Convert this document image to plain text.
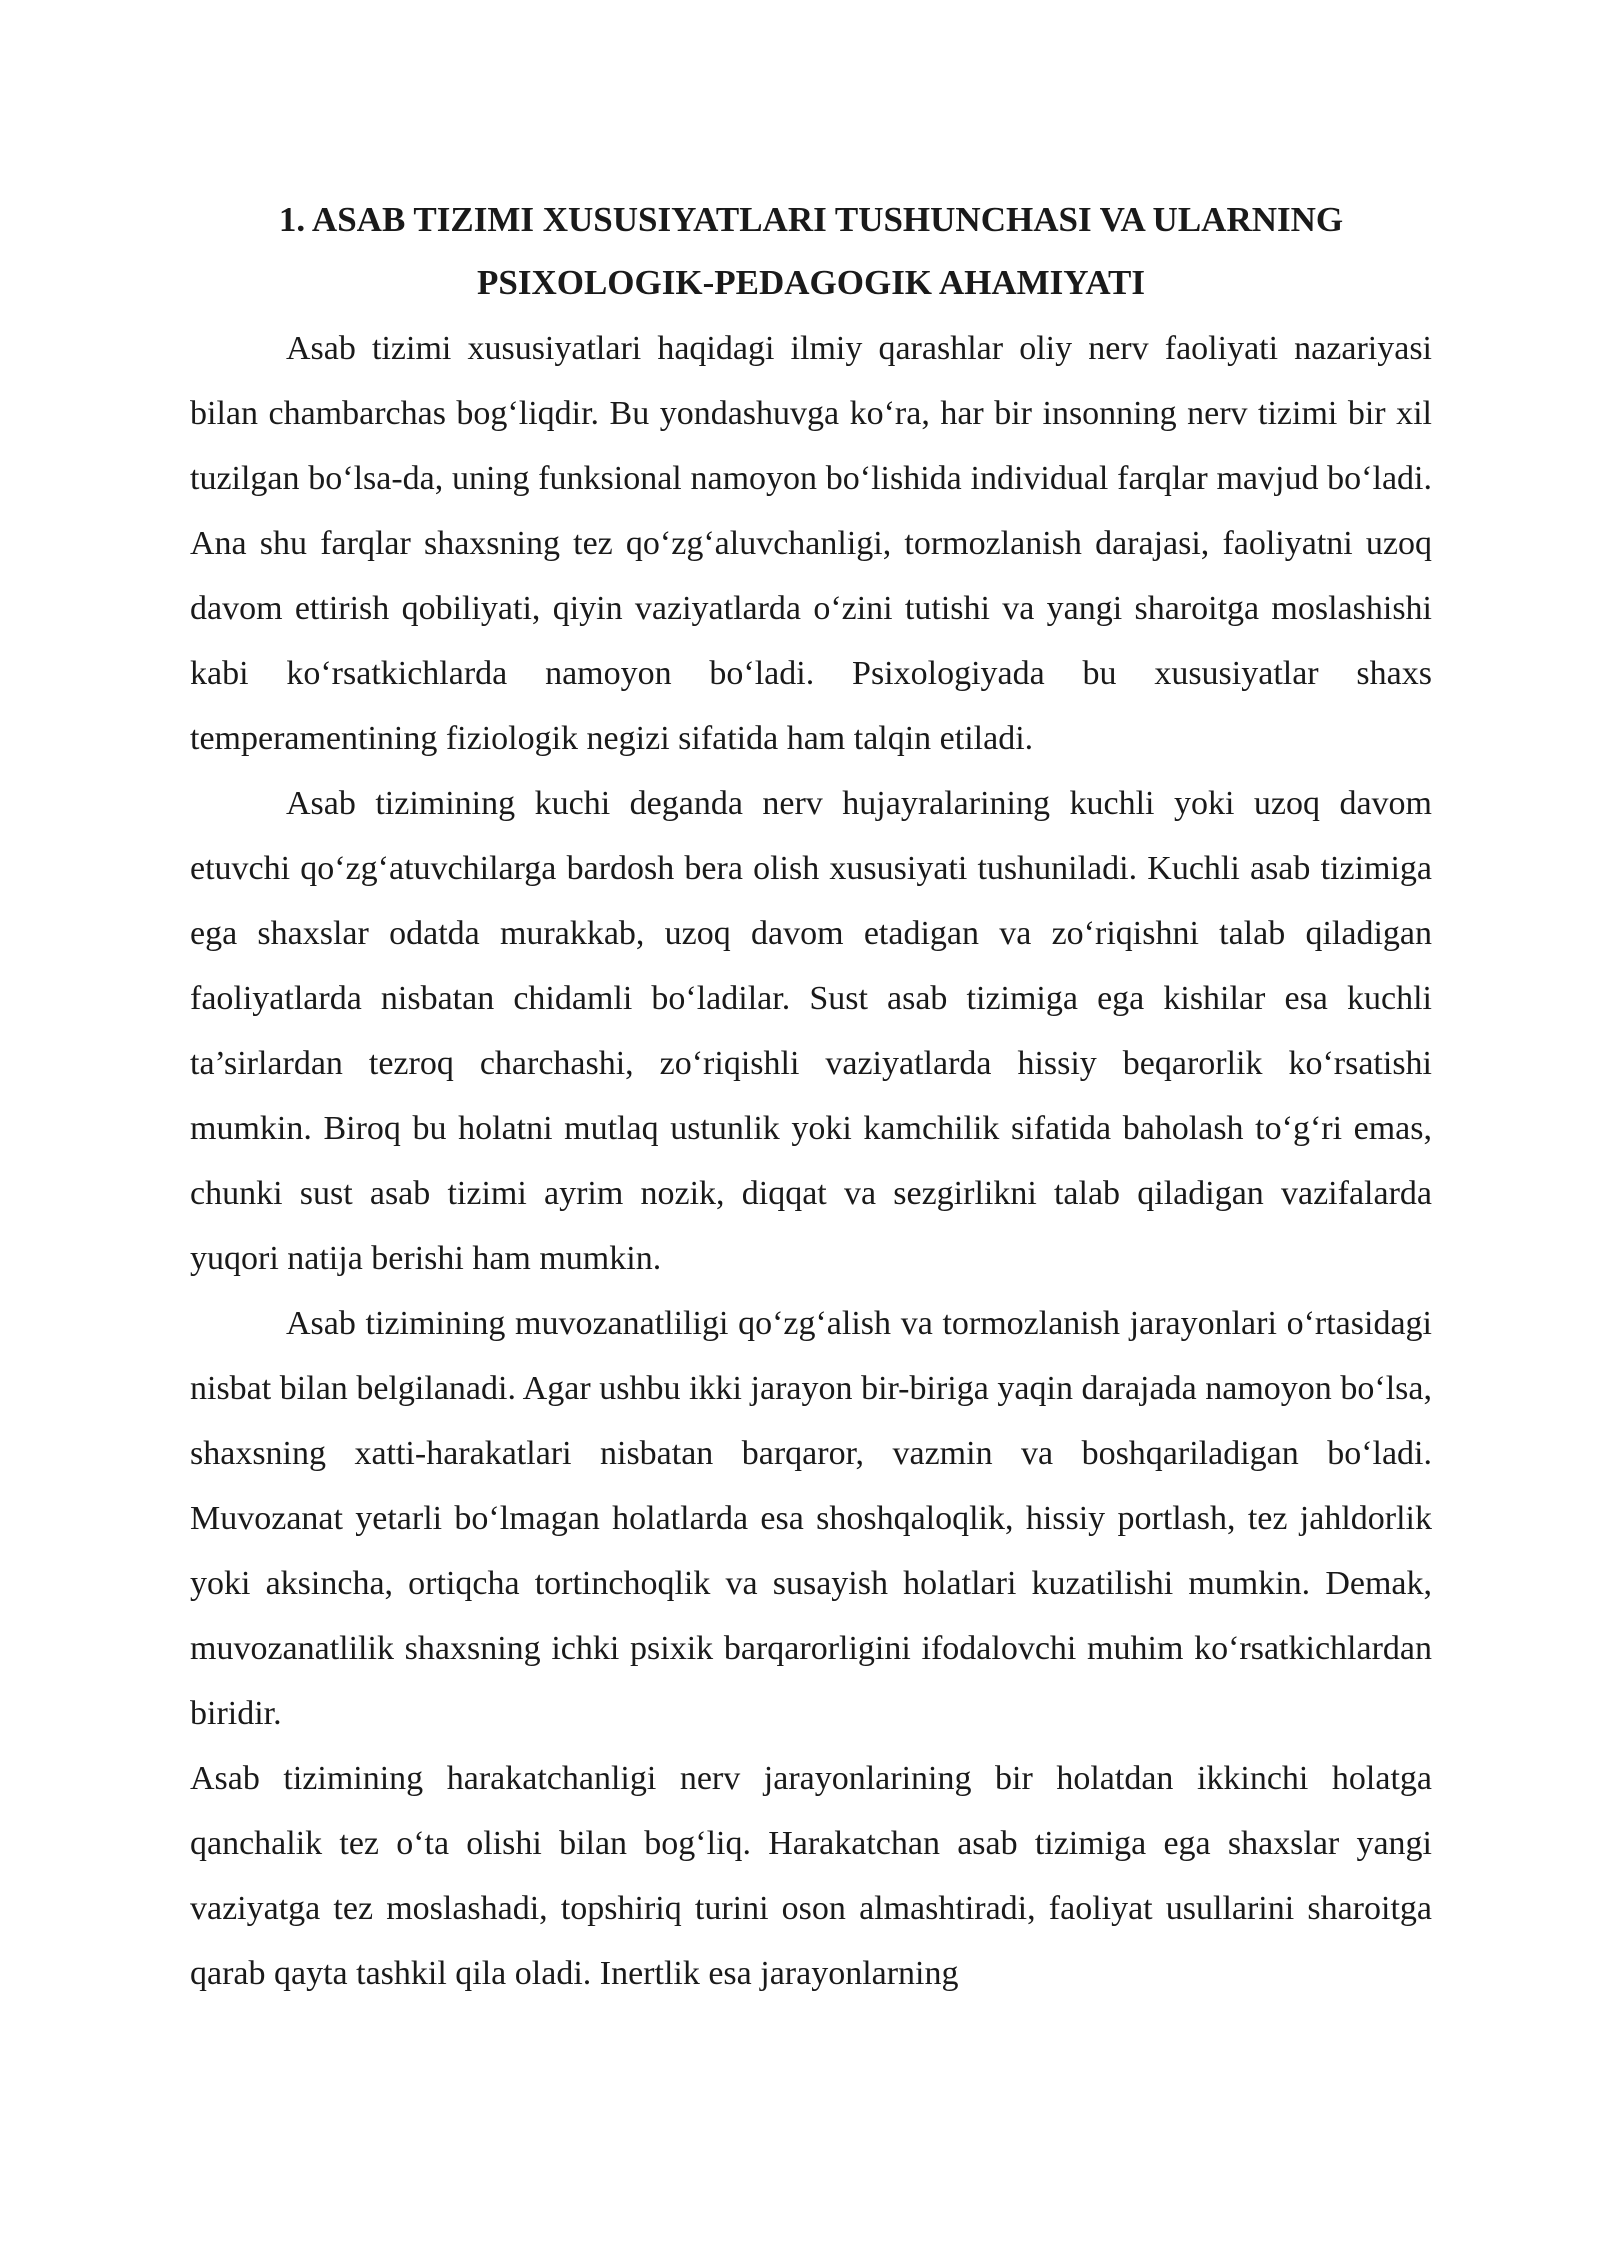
1. ASAB TIZIMI XUSUSIYATLARI TUSHUNCHASI VA ULARNING
PSIXOLOGIK-PEDAGOGIK AHAMIYATI

Asab tizimi xususiyatlari haqidagi ilmiy qarashlar oliy nerv faoliyati nazariyasi bilan chambarchas bog‘liqdir. Bu yondashuvga ko‘ra, har bir insonning nerv tizimi bir xil tuzilgan bo‘lsa-da, uning funksional namoyon bo‘lishida individual farqlar mavjud bo‘ladi. Ana shu farqlar shaxsning tez qo‘zg‘aluvchanligi, tormozlanish darajasi, faoliyatni uzoq davom ettirish qobiliyati, qiyin vaziyatlarda o‘zini tutishi va yangi sharoitga moslashishi kabi ko‘rsatkichlarda namoyon bo‘ladi. Psixologiyada bu xususiyatlar shaxs temperamentining fiziologik negizi sifatida ham talqin etiladi.

Asab tizimining kuchi deganda nerv hujayralarining kuchli yoki uzoq davom etuvchi qo‘zg‘atuvchilarga bardosh bera olish xususiyati tushuniladi. Kuchli asab tizimiga ega shaxslar odatda murakkab, uzoq davom etadigan va zo‘riqishni talab qiladigan faoliyatlarda nisbatan chidamli bo‘ladilar. Sust asab tizimiga ega kishilar esa kuchli ta’sirlardan tezroq charchashi, zo‘riqishli vaziyatlarda hissiy beqarorlik ko‘rsatishi mumkin. Biroq bu holatni mutlaq ustunlik yoki kamchilik sifatida baholash to‘g‘ri emas, chunki sust asab tizimi ayrim nozik, diqqat va sezgirlikni talab qiladigan vazifalarda yuqori natija berishi ham mumkin.

Asab tizimining muvozanatliligi qo‘zg‘alish va tormozlanish jarayonlari o‘rtasidagi nisbat bilan belgilanadi. Agar ushbu ikki jarayon bir-biriga yaqin darajada namoyon bo‘lsa, shaxsning xatti-harakatlari nisbatan barqaror, vazmin va boshqariladigan bo‘ladi. Muvozanat yetarli bo‘lmagan holatlarda esa shoshqaloqlik, hissiy portlash, tez jahldorlik yoki aksincha, ortiqcha tortinchoqlik va susayish holatlari kuzatilishi mumkin. Demak, muvozanatlilik shaxsning ichki psixik barqarorligini ifodalovchi muhim ko‘rsatkichlardan biridir.

Asab tizimining harakatchanligi nerv jarayonlarining bir holatdan ikkinchi holatga qanchalik tez o‘ta olishi bilan bog‘liq. Harakatchan asab tizimiga ega shaxslar yangi vaziyatga tez moslashadi, topshiriq turini oson almashtiradi, faoliyat usullarini sharoitga qarab qayta tashkil qila oladi. Inertlik esa jarayonlarning
